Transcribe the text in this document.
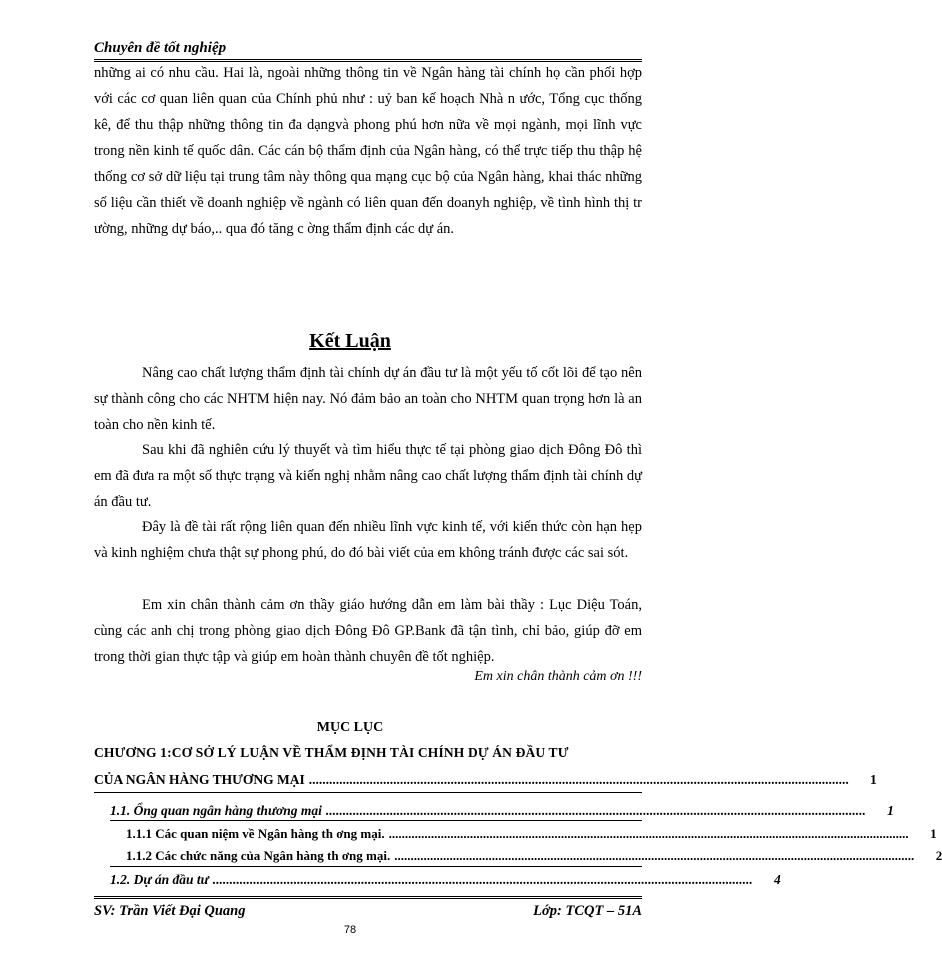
Chuyên đề tốt nghiệp
những ai có nhu cầu. Hai là, ngoài những thông tin về Ngân hàng tài chính họ cần phối hợp với các cơ quan liên quan của Chính phủ như : uỷ ban kế hoạch Nhà n ước, Tổng cục thống kê, để thu thập những thông tin đa dạngvà phong phú hơn nữa về mọi ngành, mọi lĩnh vực trong nền kinh tế quốc dân. Các cán bộ thẩm định của Ngân hàng, có thể trực tiếp thu thập hệ thống cơ sở dữ liệu tại trung tâm này thông qua mạng cục bộ của Ngân hàng, khai thác những số liệu cần thiết về doanh nghiệp về ngành có liên quan đến doanyh nghiệp, về tình hình thị tr ường, những dự báo,.. qua đó tăng c ờng thẩm định các dự án.
Kết Luận
Nâng cao chất lượng thẩm định tài chính dự án đầu tư là một yếu tố cốt lõi để tạo nên sự thành công cho các NHTM hiện nay. Nó đảm bảo an toàn cho NHTM quan trọng hơn là an toàn cho nền kinh tế.
Sau khi đã nghiên cứu lý thuyết và tìm hiểu thực tế tại phòng giao dịch Đông Đô thì em đã đưa ra một số thực trạng và kiến nghị nhằm nâng cao chất lượng thẩm định tài chính dự án đầu tư.
Đây là đề tài rất rộng liên quan đến nhiều lĩnh vực kinh tế, với kiến thức còn hạn hẹp và kinh nghiệm chưa thật sự phong phú, do đó bài viết của em không tránh được các sai sót.
Em xin chân thành cảm ơn thầy giáo hướng dẫn em làm bài thầy : Lục Diệu Toán, cùng các anh chị trong phòng giao dịch Đông Đô GP.Bank đã tận tình, chỉ bảo, giúp đỡ em trong thời gian thực tập và giúp em hoàn thành chuyên đề tốt nghiệp.
Em xin chân thành cảm ơn !!!
MỤC LỤC
CHƯƠNG 1:CƠ SỞ LÝ LUẬN VỀ THẨM ĐỊNH TÀI CHÍNH DỰ ÁN ĐẦU TƯ
CỦA NGÂN HÀNG THƯƠNG MẠI ................................................................................................................................................................	1
1.1. Ổng quan ngân hàng thương mại ................................................................................................................................................................	1
1.1.1 Các quan niệm về Ngân hàng th ơng mại. ................................................................................................................................................................	1
1.1.2 Các chức năng của Ngân hàng th ơng mại. ................................................................................................................................................................	2
1.2. Dự án đầu tư ................................................................................................................................................................	4
SV: Trần Viết Đại Quang	Lớp: TCQT – 51A
78
